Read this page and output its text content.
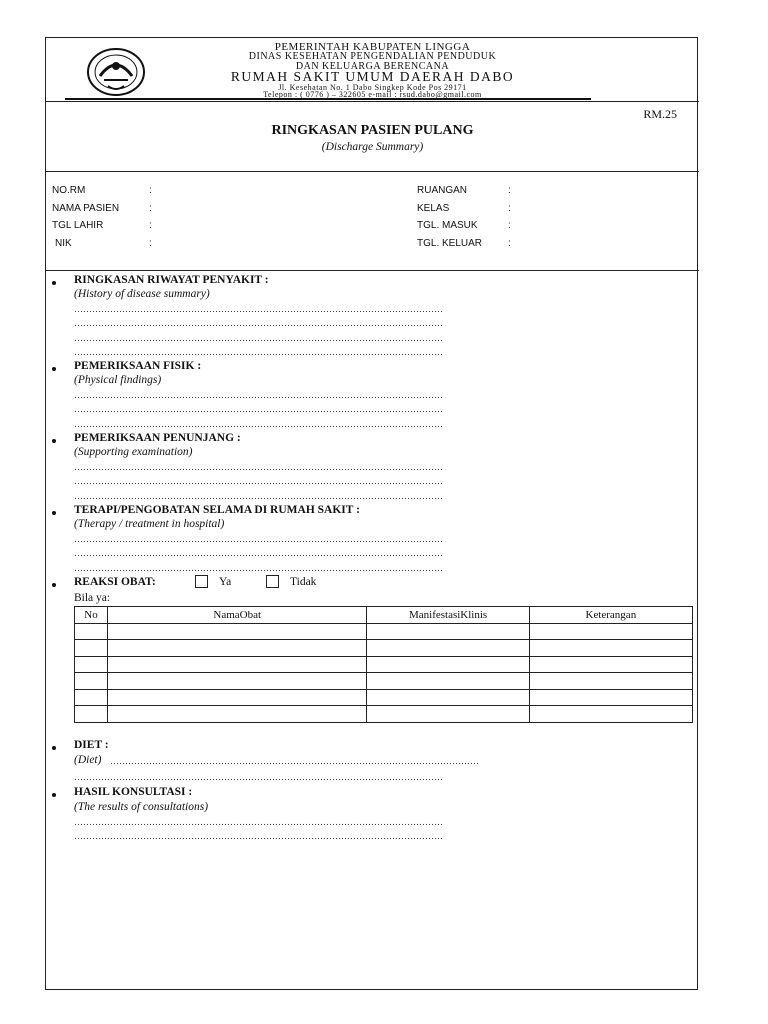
PEMERINTAH KABUPATEN LINGGA
DINAS KESEHATAN PENGENDALIAN PENDUDUK
DAN KELUARGA BERENCANA
RUMAH SAKIT UMUM DAERAH DABO
Jl. Kesehatan No. 1 Dabo Singkep Kode Pos 29171
Telepon : ( 0776 ) – 322605 e-mail : rsud.dabo@gmail.com
RM.25
RINGKASAN PASIEN PULANG
(Discharge Summary)
NO.RM	:
NAMA PASIEN	:
TGL LAHIR	:
NIK	:
RUANGAN	:
KELAS	:
TGL. MASUK	:
TGL. KELUAR	:
RINGKASAN RIWAYAT PENYAKIT :
(History of disease summary)
……………………………………………………………………………………………………………
……………………………………………………………………………………………………………
……………………………………………………………………………………………………………
……………………………………………………………………………………………………………
PEMERIKSAAN FISIK :
(Physical findings)
……………………………………………………………………………………………………………
……………………………………………………………………………………………………………
……………………………………………………………………………………………………………
PEMERIKSAAN PENUNJANG :
(Supporting examination)
……………………………………………………………………………………………………………
……………………………………………………………………………………………………………
……………………………………………………………………………………………………………
TERAPI/PENGOBATAN SELAMA DI RUMAH SAKIT :
(Therapy / treatment in hospital)
……………………………………………………………………………………………………………
……………………………………………………………………………………………………………
……………………………………………………………………………………………………………
REAKSI OBAT:	Ya	Tidak
Bila ya:
No	NamaObat	ManifestasiKlinis	Keterangan

DIET :
(Diet) ……………………………………………………………………………………………………………
……………………………………………………………………………………………………………
HASIL KONSULTASI :
(The results of consultations)
……………………………………………………………………………………………………………
……………………………………………………………………………………………………………
